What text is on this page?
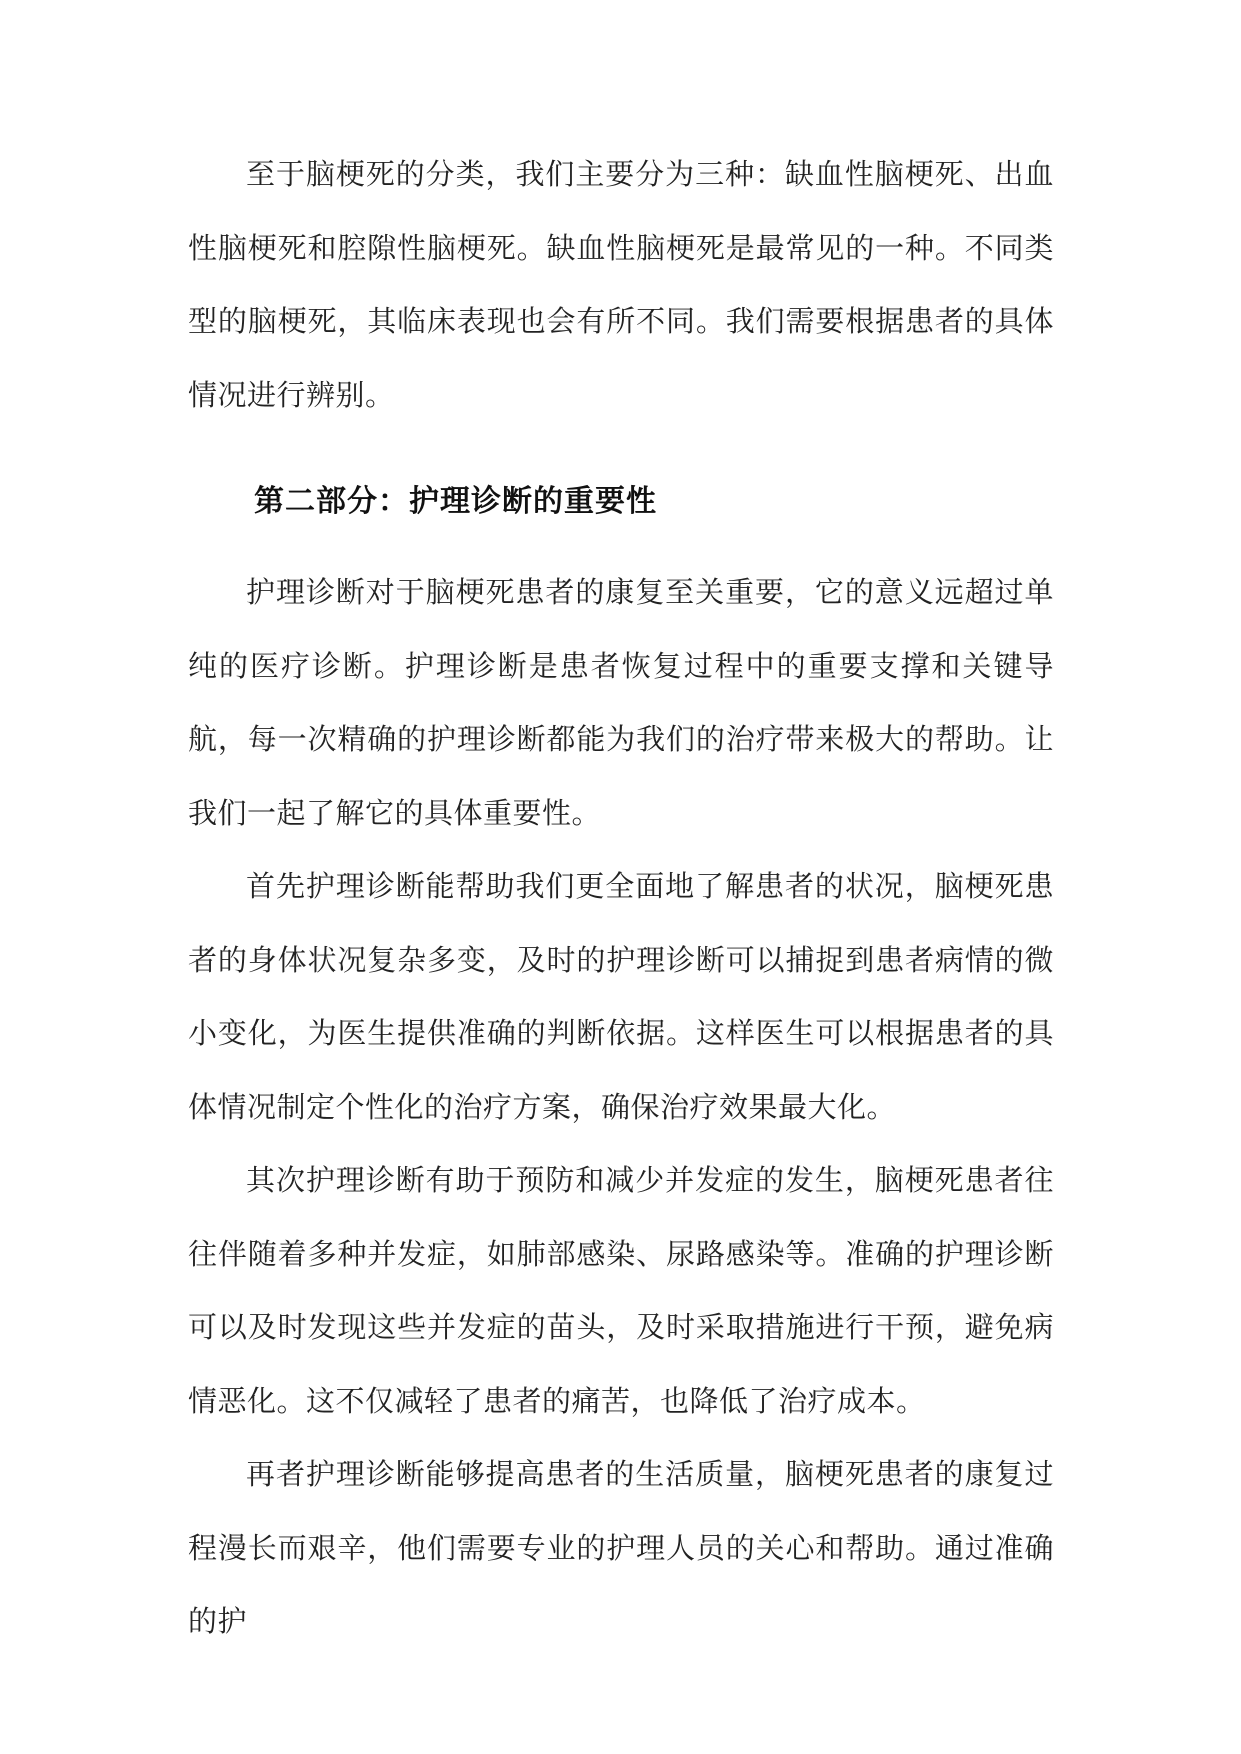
至于脑梗死的分类，我们主要分为三种：缺血性脑梗死、出血性脑梗死和腔隙性脑梗死。缺血性脑梗死是最常见的一种。不同类型的脑梗死，其临床表现也会有所不同。我们需要根据患者的具体情况进行辨别。

第二部分：护理诊断的重要性

护理诊断对于脑梗死患者的康复至关重要，它的意义远超过单纯的医疗诊断。护理诊断是患者恢复过程中的重要支撑和关键导航，每一次精确的护理诊断都能为我们的治疗带来极大的帮助。让我们一起了解它的具体重要性。

首先护理诊断能帮助我们更全面地了解患者的状况，脑梗死患者的身体状况复杂多变，及时的护理诊断可以捕捉到患者病情的微小变化，为医生提供准确的判断依据。这样医生可以根据患者的具体情况制定个性化的治疗方案，确保治疗效果最大化。

其次护理诊断有助于预防和减少并发症的发生，脑梗死患者往往伴随着多种并发症，如肺部感染、尿路感染等。准确的护理诊断可以及时发现这些并发症的苗头，及时采取措施进行干预，避免病情恶化。这不仅减轻了患者的痛苦，也降低了治疗成本。

再者护理诊断能够提高患者的生活质量，脑梗死患者的康复过程漫长而艰辛，他们需要专业的护理人员的关心和帮助。通过准确的护
